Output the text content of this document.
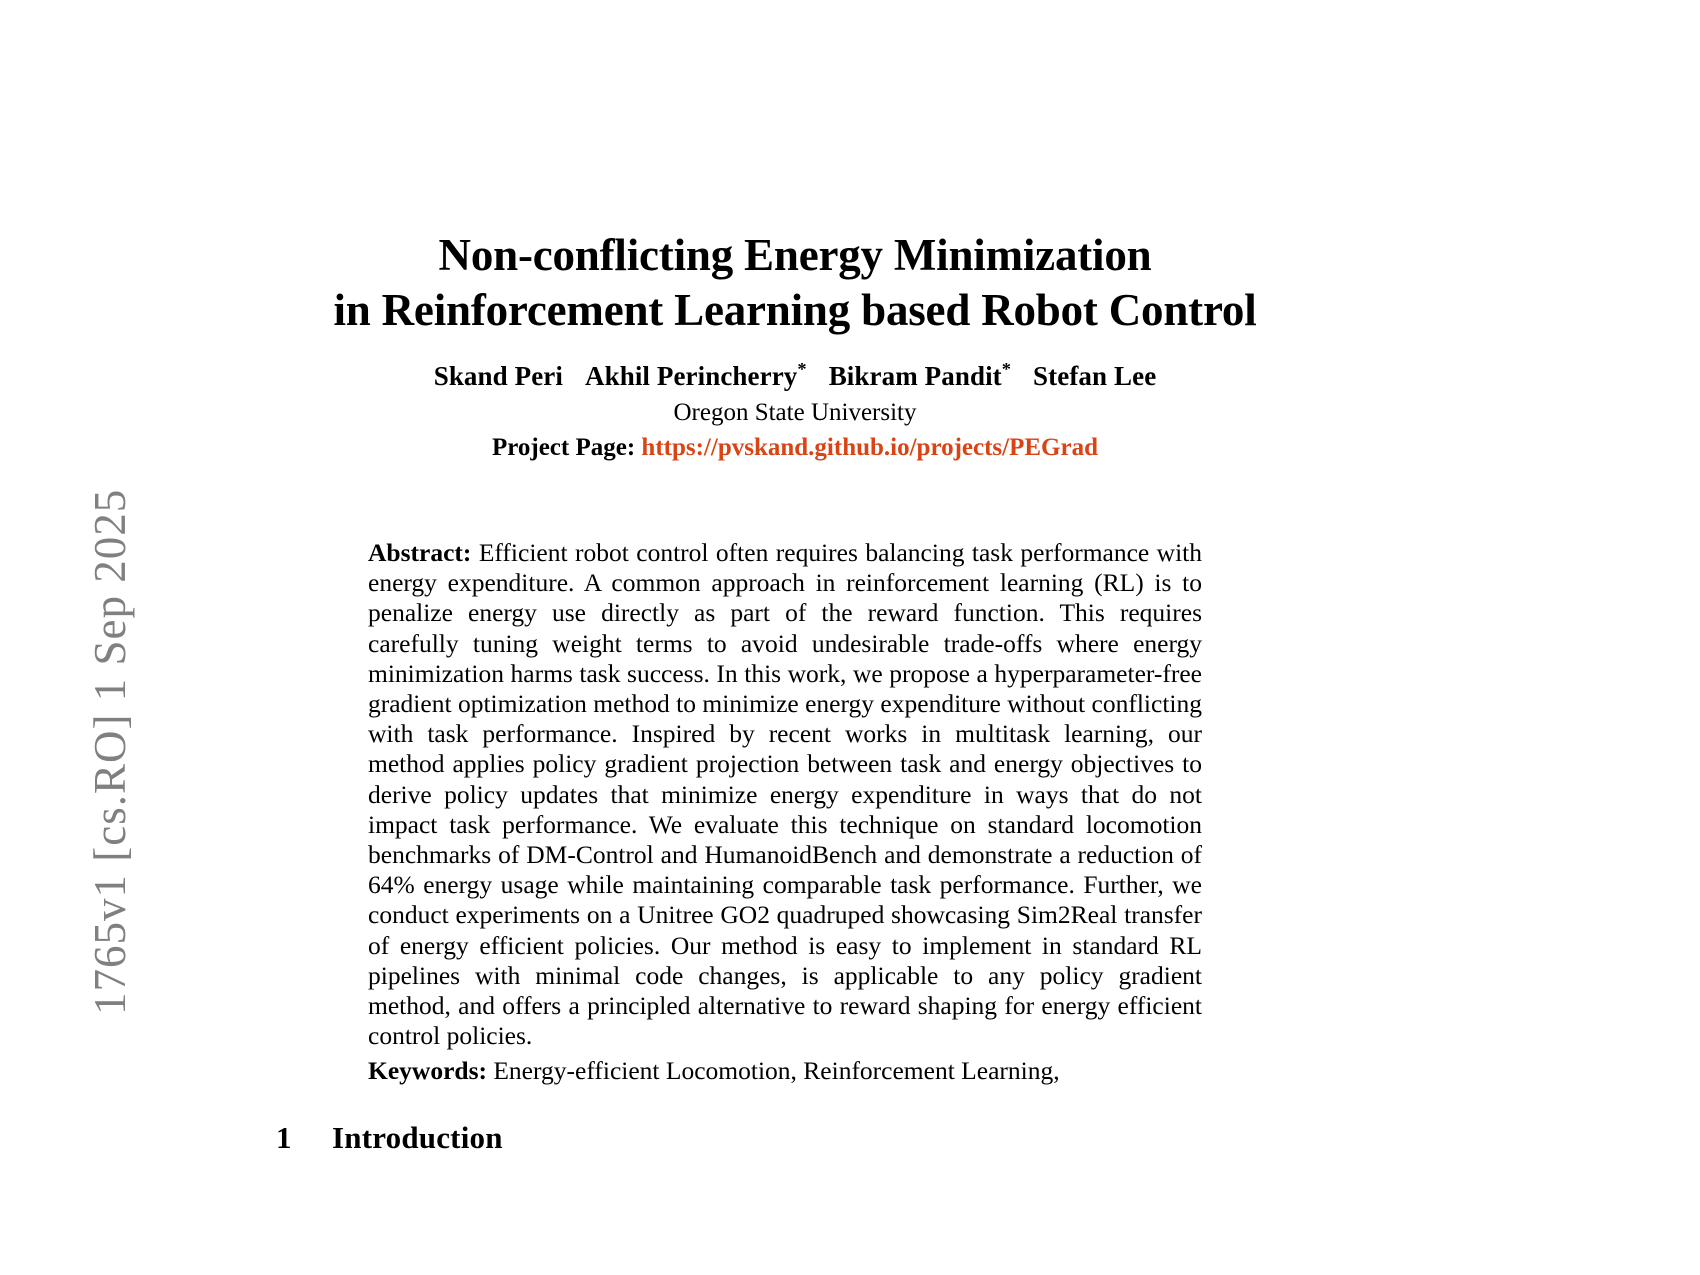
1765v1 [cs.RO] 1 Sep 2025
Non-conflicting Energy Minimization
in Reinforcement Learning based Robot Control
Skand Peri Akhil Perincherry* Bikram Pandit* Stefan Lee
Oregon State University
Project Page: https://pvskand.github.io/projects/PEGrad

Abstract: Efficient robot control often requires balancing task performance with energy expenditure. A common approach in reinforcement learning (RL) is to penalize energy use directly as part of the reward function. This requires carefully tuning weight terms to avoid undesirable trade-offs where energy minimization harms task success. In this work, we propose a hyperparameter-free gradient optimization method to minimize energy expenditure without conflicting with task performance. Inspired by recent works in multitask learning, our method applies policy gradient projection between task and energy objectives to derive policy updates that minimize energy expenditure in ways that do not impact task performance. We evaluate this technique on standard locomotion benchmarks of DM-Control and HumanoidBench and demonstrate a reduction of 64% energy usage while maintaining comparable task performance. Further, we conduct experiments on a Unitree GO2 quadruped showcasing Sim2Real transfer of energy efficient policies. Our method is easy to implement in standard RL pipelines with minimal code changes, is applicable to any policy gradient method, and offers a principled alternative to reward shaping for energy efficient control policies.

Keywords: Energy-efficient Locomotion, Reinforcement Learning,
1 Introduction
